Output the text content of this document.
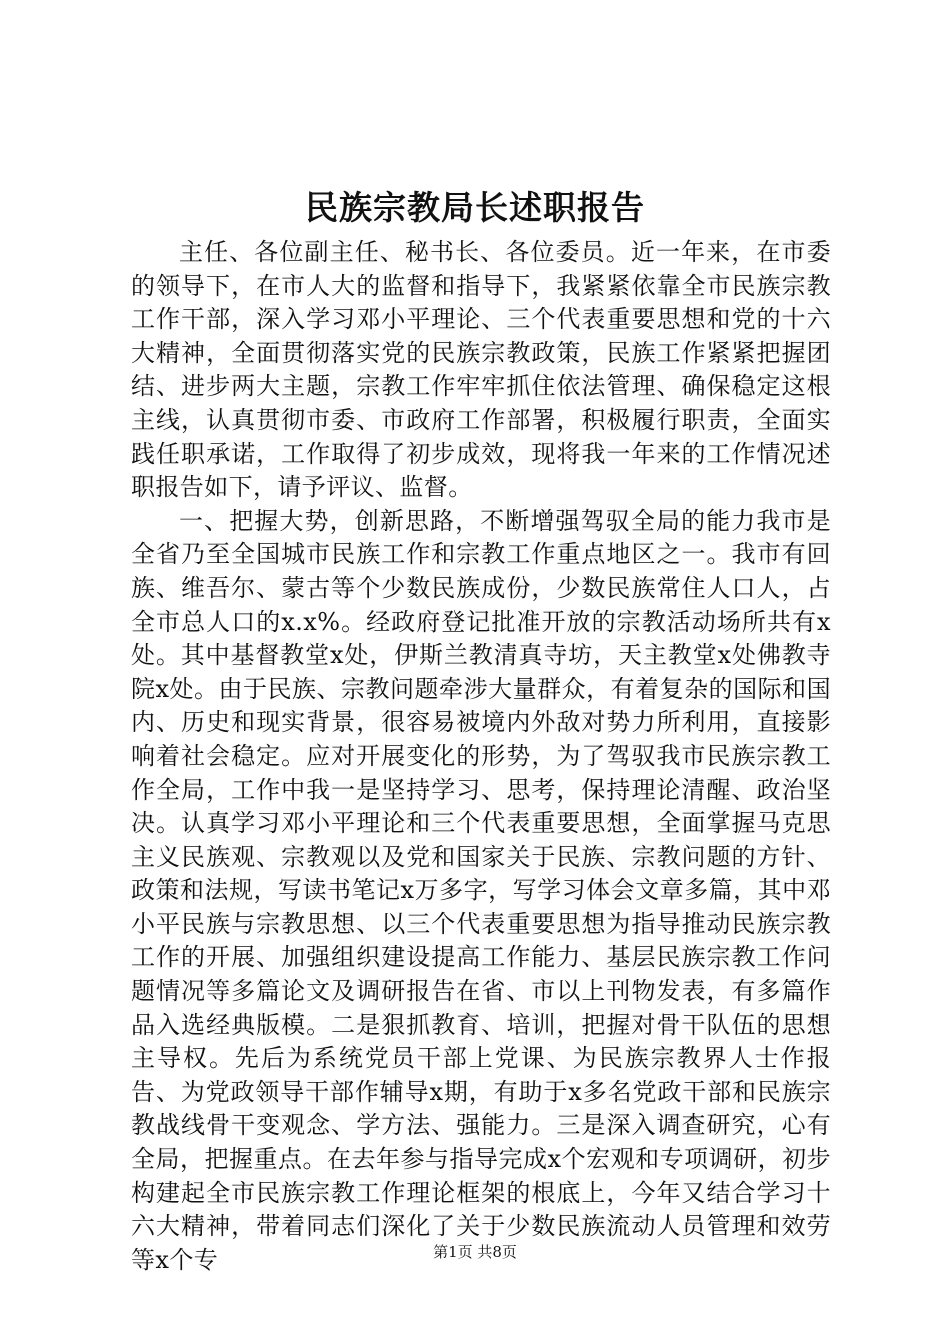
民族宗教局长述职报告

主任、各位副主任、秘书长、各位委员。近一年来，在市委的领导下，在市人大的监督和指导下，我紧紧依靠全市民族宗教工作干部，深入学习邓小平理论、三个代表重要思想和党的十六大精神，全面贯彻落实党的民族宗教政策，民族工作紧紧把握团结、进步两大主题，宗教工作牢牢抓住依法管理、确保稳定这根主线，认真贯彻市委、市政府工作部署，积极履行职责，全面实践任职承诺，工作取得了初步成效，现将我一年来的工作情况述职报告如下，请予评议、监督。

一、把握大势，创新思路，不断增强驾驭全局的能力我市是全省乃至全国城市民族工作和宗教工作重点地区之一。我市有回族、维吾尔、蒙古等个少数民族成份，少数民族常住人口人，占全市总人口的x.x%。经政府登记批准开放的宗教活动场所共有x处。其中基督教堂x处，伊斯兰教清真寺坊，天主教堂x处佛教寺院x处。由于民族、宗教问题牵涉大量群众，有着复杂的国际和国内、历史和现实背景，很容易被境内外敌对势力所利用，直接影响着社会稳定。应对开展变化的形势，为了驾驭我市民族宗教工作全局，工作中我一是坚持学习、思考，保持理论清醒、政治坚决。认真学习邓小平理论和三个代表重要思想，全面掌握马克思主义民族观、宗教观以及党和国家关于民族、宗教问题的方针、政策和法规，写读书笔记x万多字，写学习体会文章多篇，其中邓小平民族与宗教思想、以三个代表重要思想为指导推动民族宗教工作的开展、加强组织建设提高工作能力、基层民族宗教工作问题情况等多篇论文及调研报告在省、市以上刊物发表，有多篇作品入选经典版模。二是狠抓教育、培训，把握对骨干队伍的思想主导权。先后为系统党员干部上党课、为民族宗教界人士作报告、为党政领导干部作辅导x期，有助于x多名党政干部和民族宗教战线骨干变观念、学方法、强能力。三是深入调查研究，心有全局，把握重点。在去年参与指导完成x个宏观和专项调研，初步构建起全市民族宗教工作理论框架的根底上，今年又结合学习十六大精神，带着同志们深化了关于少数民族流动人员管理和效劳等x个专	第1页 共8页
